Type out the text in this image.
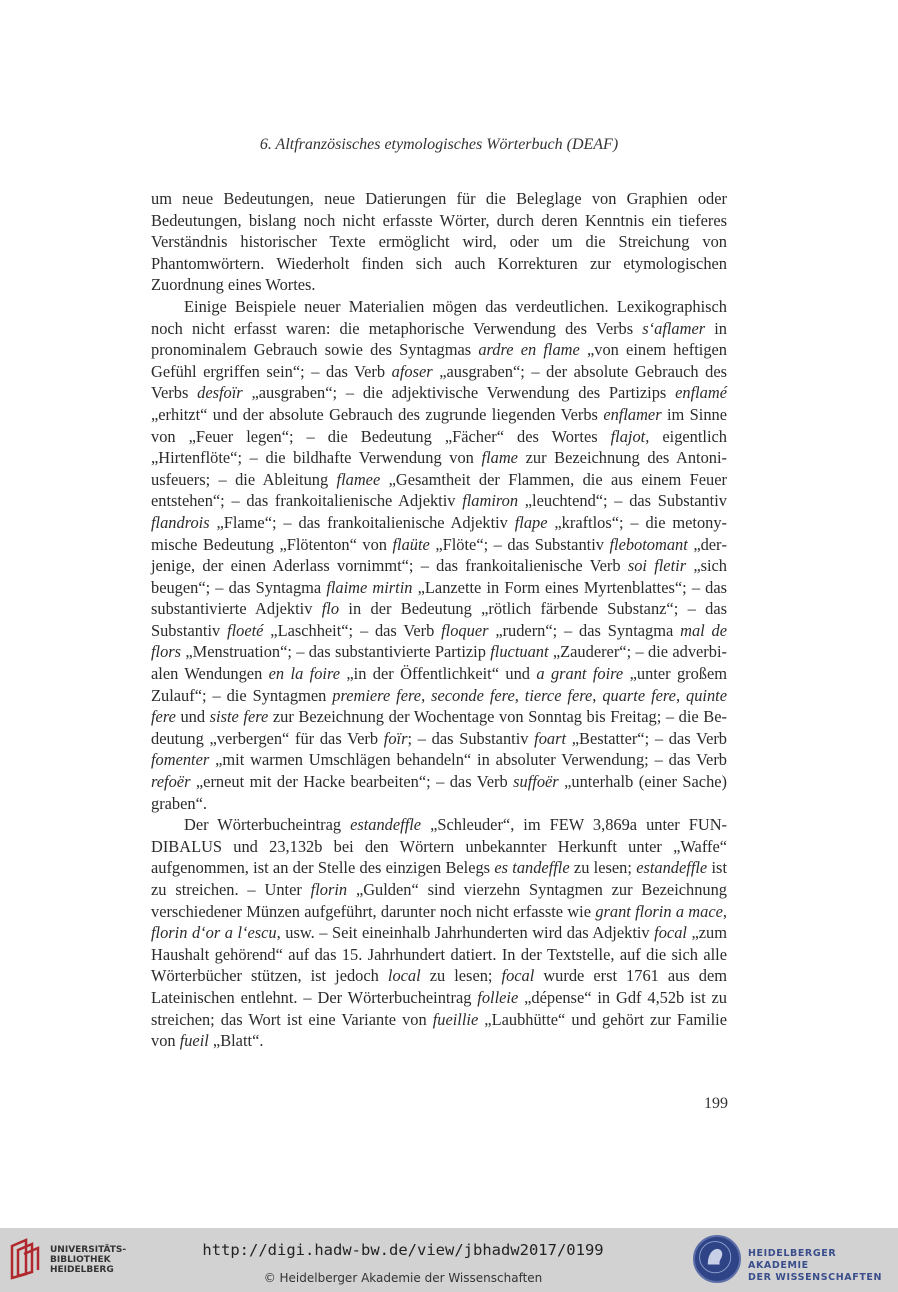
6. Altfranzösisches etymologisches Wörterbuch (DEAF)

um neue Bedeutungen, neue Datierungen für die Beleglage von Graphien oder Bedeutungen, bislang noch nicht erfasste Wörter, durch deren Kenntnis ein tieferes Verständnis historischer Texte ermöglicht wird, oder um die Streichung von Phantomwörtern. Wiederholt finden sich auch Korrekturen zur etymologischen Zuordnung eines Wortes.

Einige Beispiele neuer Materialien mögen das verdeutlichen. Lexikographisch noch nicht erfasst waren: die metaphorische Verwendung des Verbs s‘aflamer in pronominalem Gebrauch sowie des Syntagmas ardre en flame „von einem heftigen Gefühl ergriffen sein“; – das Verb afoser „ausgraben“; – der absolute Gebrauch des Verbs desfoïr „ausgraben“; – die adjektivische Verwendung des Partizips enflamé „erhitzt“ und der absolute Gebrauch des zugrunde liegenden Verbs enflamer im Sinne von „Feuer legen“; – die Bedeutung „Fächer“ des Wortes flajot, eigentlich „Hirtenflöte“; – die bildhafte Verwendung von flame zur Bezeichnung des Antoniusfeuers; – die Ableitung flamee „Gesamtheit der Flammen, die aus einem Feuer entstehen“; – das frankoitalienische Adjektiv flamiron „leuchtend“; – das Substantiv flandrois „Flame“; – das frankoitalienische Adjektiv flape „kraftlos“; – die metonymische Bedeutung „Flötenton“ von flaüte „Flöte“; – das Substantiv flebotomant „derjenige, der einen Aderlass vornimmt“; – das frankoitalienische Verb soi fletir „sich beugen“; – das Syntagma flaime mirtin „Lanzette in Form eines Myrtenblattes“; – das substantivierte Adjektiv flo in der Bedeutung „rötlich färbende Substanz“; – das Substantiv floeté „Laschheit“; – das Verb floquer „rudern“; – das Syntagma mal de flors „Menstruation“; – das substantivierte Partizip fluctuant „Zauderer“; – die adverbialen Wendungen en la foire „in der Öffentlichkeit“ und a grant foire „unter großem Zulauf“; – die Syntagmen premiere fere, seconde fere, tierce fere, quarte fere, quinte fere und siste fere zur Bezeichnung der Wochentage von Sonntag bis Freitag; – die Bedeutung „verbergen“ für das Verb foïr; – das Substantiv foart „Bestatter“; – das Verb fomenter „mit warmen Umschlägen behandeln“ in absoluter Verwendung; – das Verb refoër „erneut mit der Hacke bearbeiten“; – das Verb suffoër „unterhalb (einer Sache) graben“.

Der Wörterbucheintrag estandeffle „Schleuder“, im FEW 3,869a unter FUNDIBALUS und 23,132b bei den Wörtern unbekannter Herkunft unter „Waffe“ aufgenommen, ist an der Stelle des einzigen Belegs es tandeffle zu lesen; estandeffle ist zu streichen. – Unter florin „Gulden“ sind vierzehn Syntagmen zur Bezeichnung verschiedener Münzen aufgeführt, darunter noch nicht erfasste wie grant florin a mace, florin d‘or a l‘escu, usw. – Seit eineinhalb Jahrhunderten wird das Adjektiv focal „zum Haushalt gehörend“ auf das 15. Jahrhundert datiert. In der Textstelle, auf die sich alle Wörterbücher stützen, ist jedoch local zu lesen; focal wurde erst 1761 aus dem Lateinischen entlehnt. – Der Wörterbucheintrag folleie „dépense“ in Gdf 4,52b ist zu streichen; das Wort ist eine Variante von fueillie „Laubhütte“ und gehört zur Familie von fueil „Blatt“.

199
UNIVERSITÄTS-
BIBLIOTHEK
HEIDELBERG
http://digi.hadw-bw.de/view/jbhadw2017/0199
© Heidelberger Akademie der Wissenschaften
HEIDELBERGER AKADEMIE
DER WISSENSCHAFTEN
